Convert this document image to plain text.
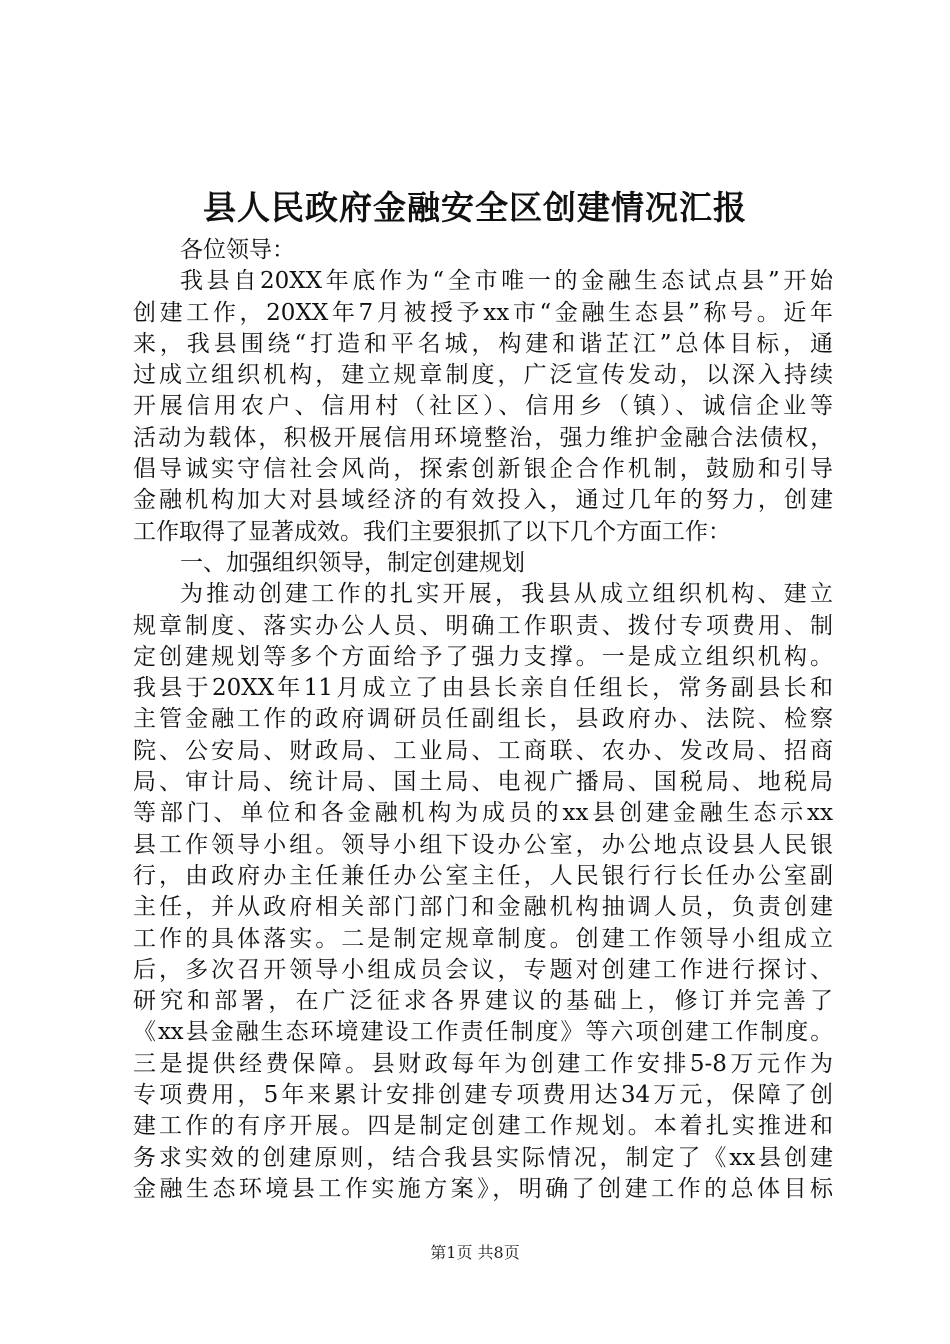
县人民政府金融安全区创建情况汇报
各位领导：
我县自20XX年底作为“全市唯一的金融生态试点县”开始
创建工作，20XX年7月被授予xx市“金融生态县”称号。近年
来，我县围绕“打造和平名城，构建和谐芷江”总体目标，通
过成立组织机构，建立规章制度，广泛宣传发动，以深入持续
开展信用农户、信用村（社区）、信用乡（镇）、诚信企业等
活动为载体，积极开展信用环境整治，强力维护金融合法债权，
倡导诚实守信社会风尚，探索创新银企合作机制，鼓励和引导
金融机构加大对县域经济的有效投入，通过几年的努力，创建
工作取得了显著成效。我们主要狠抓了以下几个方面工作：
一、加强组织领导，制定创建规划
为推动创建工作的扎实开展，我县从成立组织机构、建立
规章制度、落实办公人员、明确工作职责、拨付专项费用、制
定创建规划等多个方面给予了强力支撑。一是成立组织机构。
我县于20XX年11月成立了由县长亲自任组长，常务副县长和
主管金融工作的政府调研员任副组长，县政府办、法院、检察
院、公安局、财政局、工业局、工商联、农办、发改局、招商
局、审计局、统计局、国土局、电视广播局、国税局、地税局
等部门、单位和各金融机构为成员的xx县创建金融生态示xx
县工作领导小组。领导小组下设办公室，办公地点设县人民银
行，由政府办主任兼任办公室主任，人民银行行长任办公室副
主任，并从政府相关部门部门和金融机构抽调人员，负责创建
工作的具体落实。二是制定规章制度。创建工作领导小组成立
后，多次召开领导小组成员会议，专题对创建工作进行探讨、
研究和部署，在广泛征求各界建议的基础上，修订并完善了
《xx县金融生态环境建设工作责任制度》等六项创建工作制度。
三是提供经费保障。县财政每年为创建工作安排5-8万元作为
专项费用，5年来累计安排创建专项费用达34万元，保障了创
建工作的有序开展。四是制定创建工作规划。本着扎实推进和
务求实效的创建原则，结合我县实际情况，制定了《xx县创建
金融生态环境县工作实施方案》，明确了创建工作的总体目标
第1页 共8页
